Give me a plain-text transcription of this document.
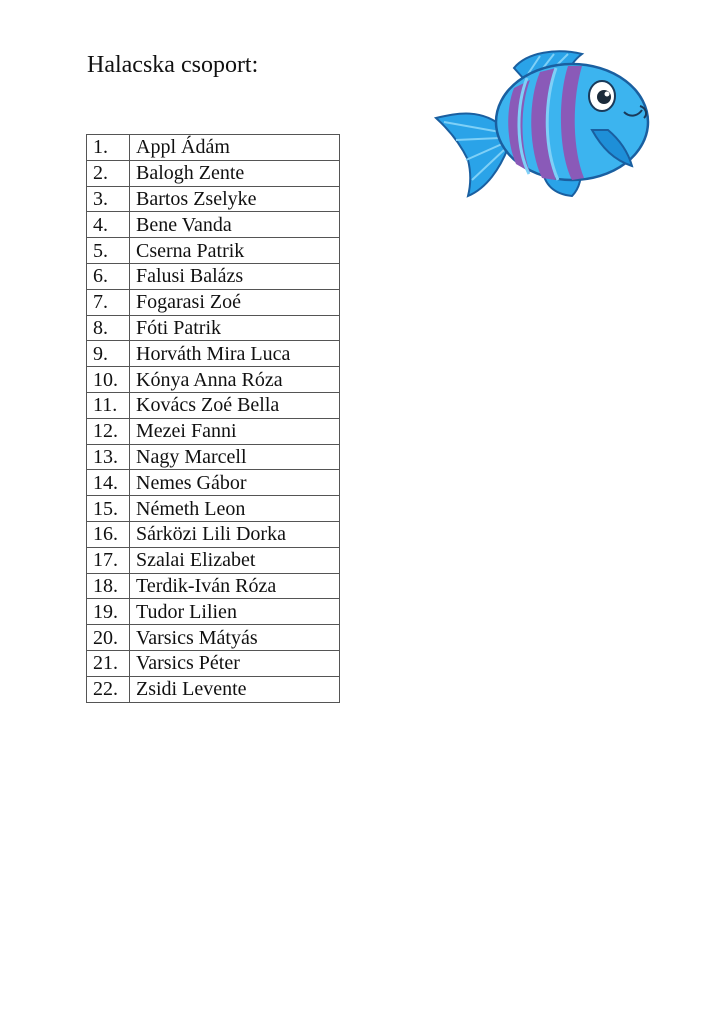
Halacska csoport:
1.	Appl Ádám
2.	Balogh Zente
3.	Bartos Zselyke
4.	Bene Vanda
5.	Cserna Patrik
6.	Falusi Balázs
7.	Fogarasi Zoé
8.	Fóti Patrik
9.	Horváth Mira Luca
10.	Kónya Anna Róza
11.	Kovács Zoé Bella
12.	Mezei Fanni
13.	Nagy Marcell
14.	Nemes Gábor
15.	Németh Leon
16.	Sárközi Lili Dorka
17.	Szalai Elizabet
18.	Terdik-Iván Róza
19.	Tudor Lilien
20.	Varsics Mátyás
21.	Varsics Péter
22.	Zsidi Levente
